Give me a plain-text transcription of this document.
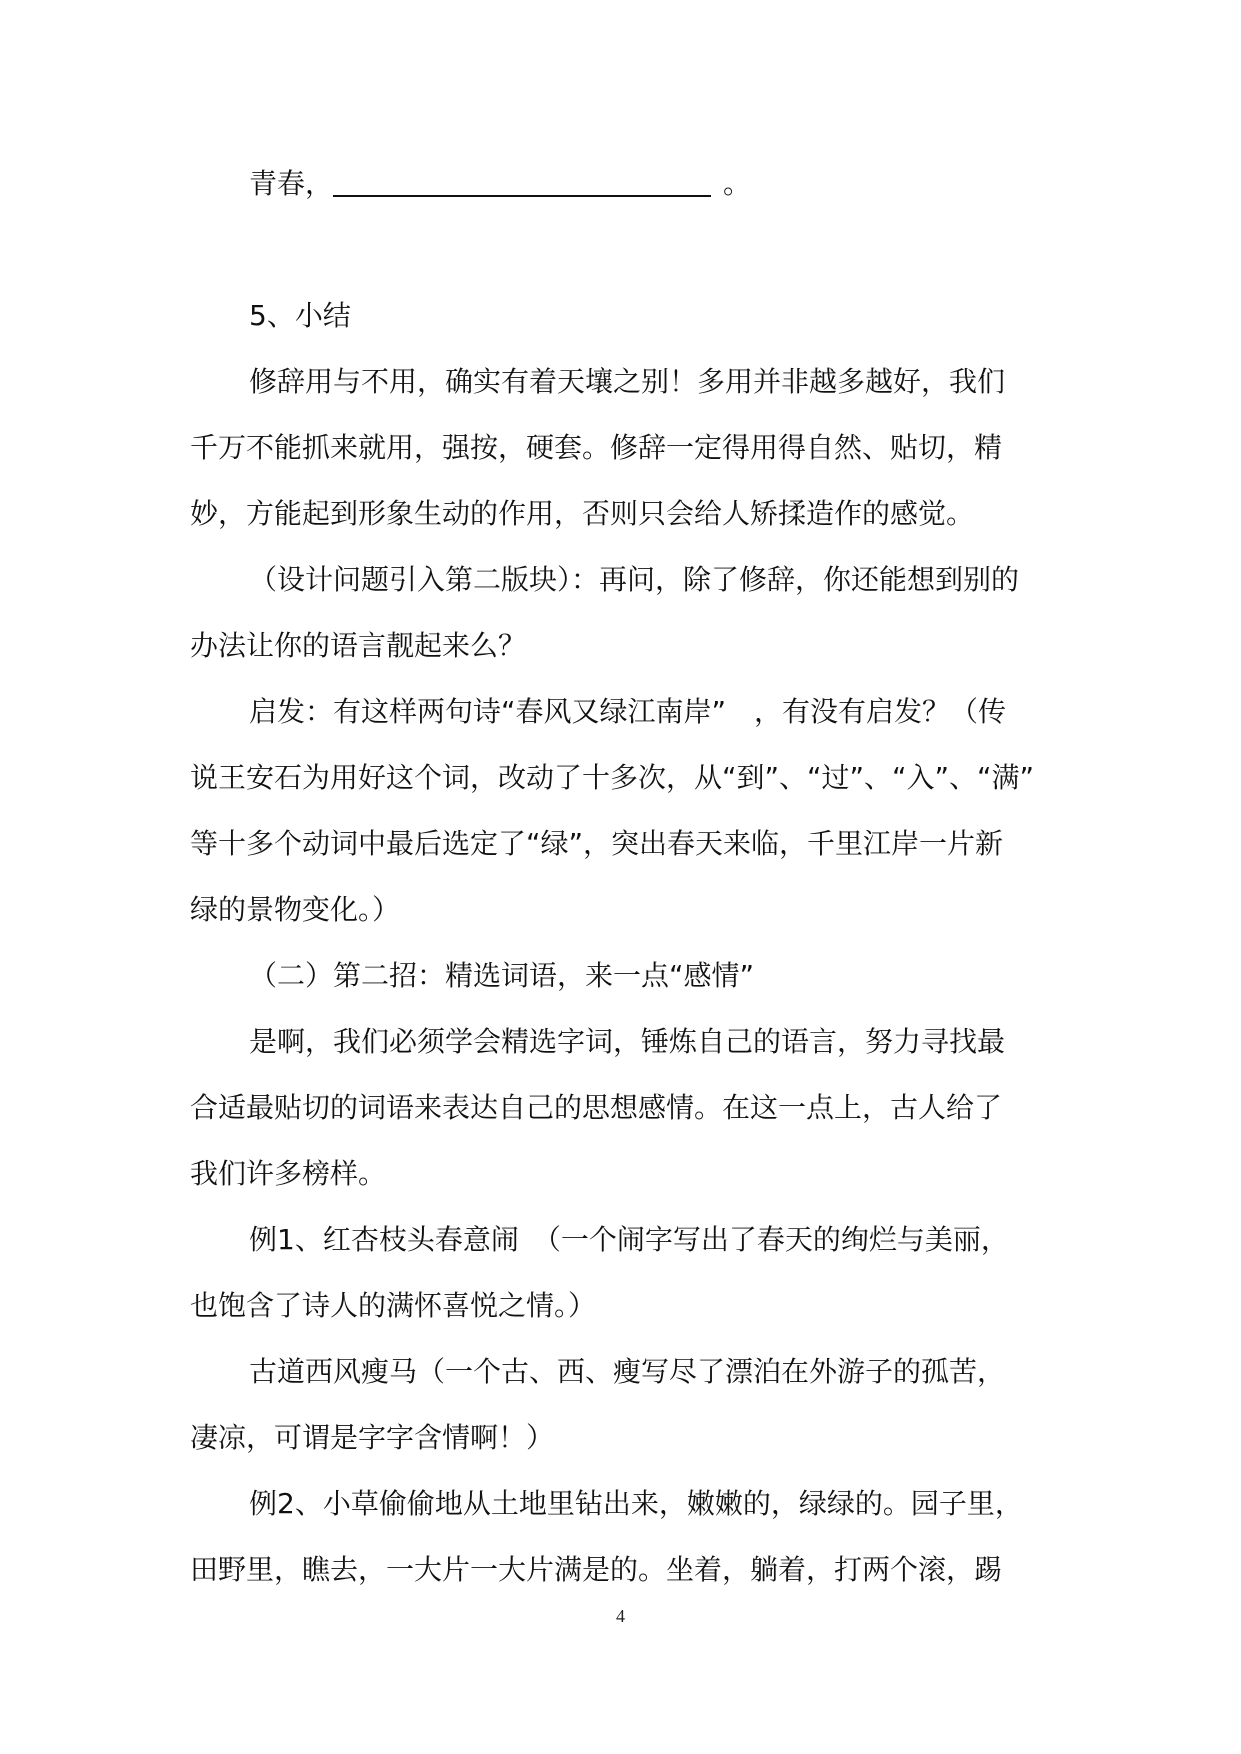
青春，	。
5、小结
修辞用与不用，确实有着天壤之别！多用并非越多越好，我们
千万不能抓来就用，强按，硬套。修辞一定得用得自然、贴切，精
妙，方能起到形象生动的作用，否则只会给人矫揉造作的感觉。
（设计问题引入第二版块）：再问，除了修辞，你还能想到别的
办法让你的语言靓起来么？
启发：有这样两句诗“春风又绿江南岸”　，有没有启发？（传
说王安石为用好这个词，改动了十多次，从“到”、“过”、“入”、“满”
等十多个动词中最后选定了“绿”，突出春天来临，千里江岸一片新
绿的景物变化。）
（二）第二招：精选词语，来一点“感情”
是啊，我们必须学会精选字词，锤炼自己的语言，努力寻找最
合适最贴切的词语来表达自己的思想感情。在这一点上，古人给了
我们许多榜样。
例1、红杏枝头春意闹　（一个闹字写出了春天的绚烂与美丽，
也饱含了诗人的满怀喜悦之情。）
古道西风瘦马（一个古、西、瘦写尽了漂泊在外游子的孤苦，
凄凉，可谓是字字含情啊！）
例2、小草偷偷地从土地里钻出来，嫩嫩的，绿绿的。园子里，
田野里，瞧去，一大片一大片满是的。坐着，躺着，打两个滚，踢
4
